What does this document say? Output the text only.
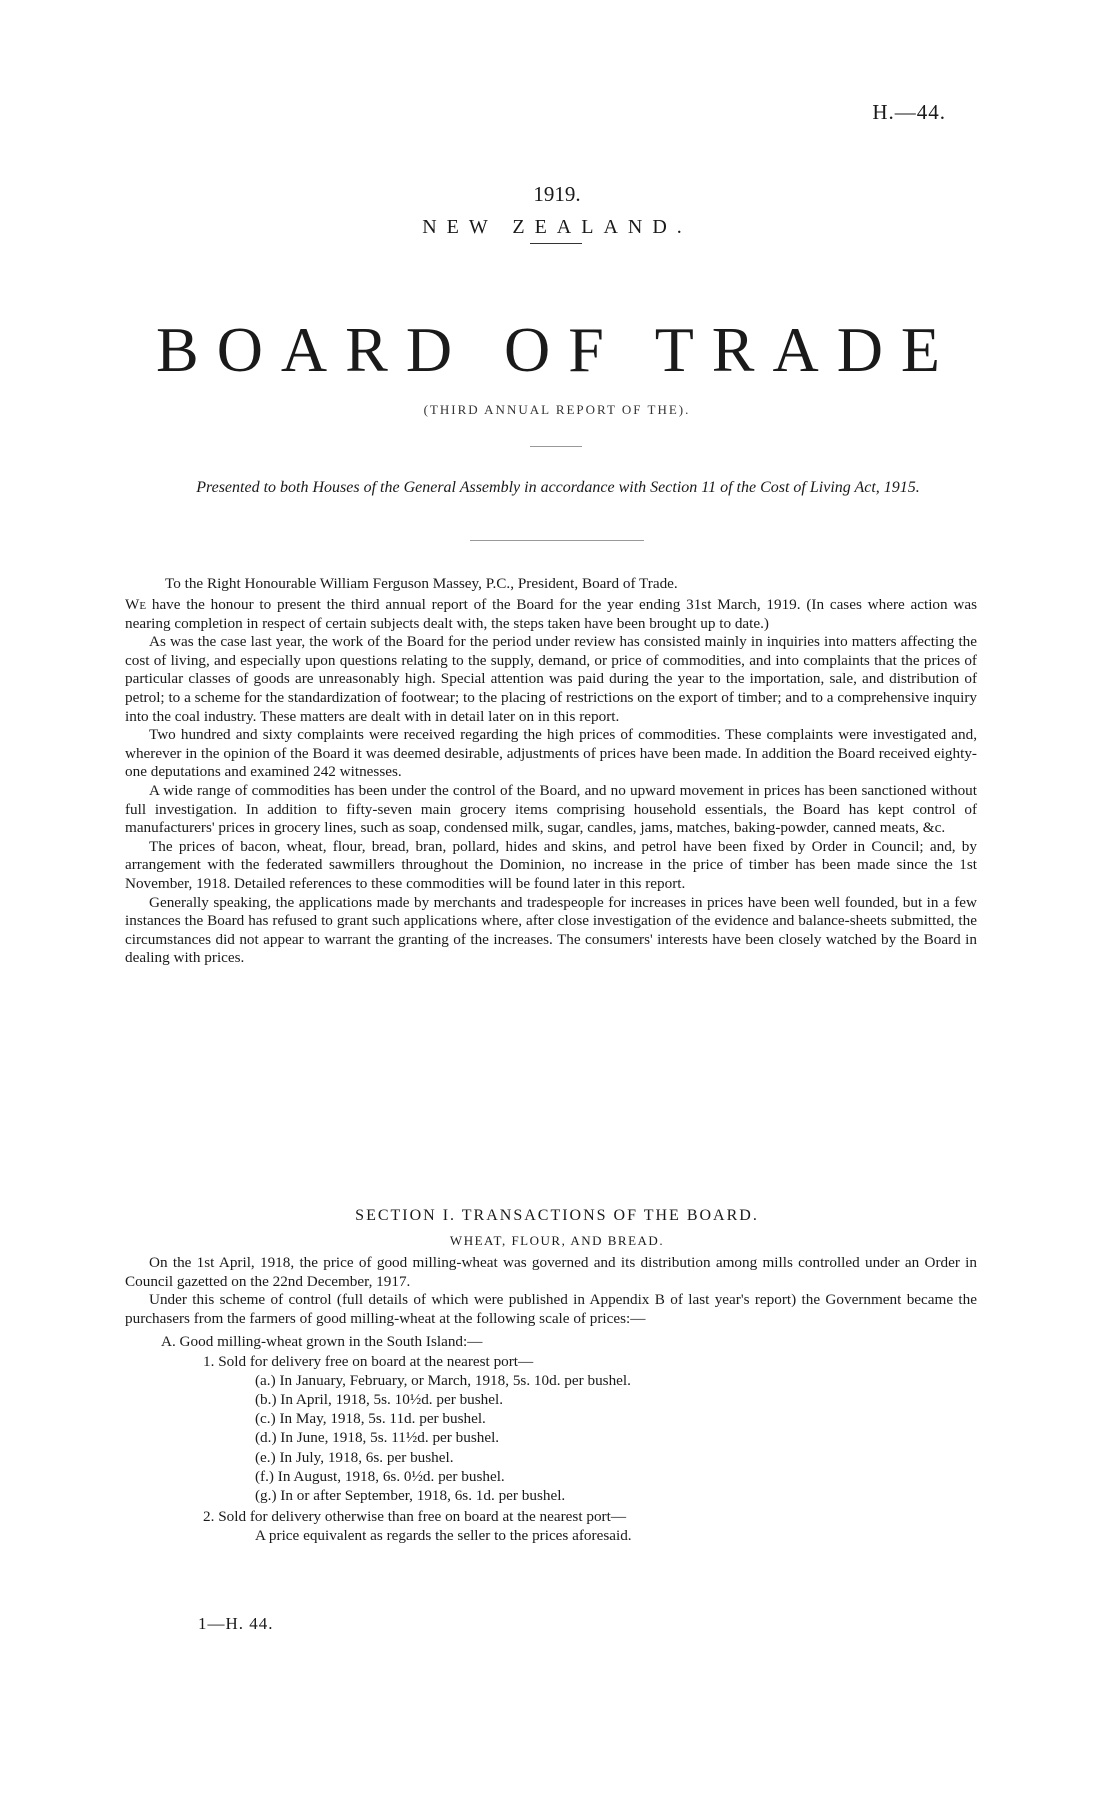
H.—44.
1919.
NEW ZEALAND.
BOARD OF TRADE
(THIRD ANNUAL REPORT OF THE).
Presented to both Houses of the General Assembly in accordance with Section 11 of the Cost of Living Act, 1915.

To the Right Honourable William Ferguson Massey, P.C., President, Board of Trade.

We have the honour to present the third annual report of the Board for the year ending 31st March, 1919. (In cases where action was nearing completion in respect of certain subjects dealt with, the steps taken have been brought up to date.)

As was the case last year, the work of the Board for the period under review has consisted mainly in inquiries into matters affecting the cost of living, and especially upon questions relating to the supply, demand, or price of commodities, and into complaints that the prices of particular classes of goods are unreasonably high. Special attention was paid during the year to the importation, sale, and distribution of petrol; to a scheme for the standardization of footwear; to the placing of restrictions on the export of timber; and to a comprehensive inquiry into the coal industry. These matters are dealt with in detail later on in this report.

Two hundred and sixty complaints were received regarding the high prices of commodities. These complaints were investigated and, wherever in the opinion of the Board it was deemed desirable, adjustments of prices have been made. In addition the Board received eighty-one deputations and examined 242 witnesses.

A wide range of commodities has been under the control of the Board, and no upward movement in prices has been sanctioned without full investigation. In addition to fifty-seven main grocery items comprising household essentials, the Board has kept control of manufacturers' prices in grocery lines, such as soap, condensed milk, sugar, candles, jams, matches, baking-powder, canned meats, &c.

The prices of bacon, wheat, flour, bread, bran, pollard, hides and skins, and petrol have been fixed by Order in Council; and, by arrangement with the federated sawmillers throughout the Dominion, no increase in the price of timber has been made since the 1st November, 1918. Detailed references to these commodities will be found later in this report.

Generally speaking, the applications made by merchants and tradespeople for increases in prices have been well founded, but in a few instances the Board has refused to grant such applications where, after close investigation of the evidence and balance-sheets submitted, the circumstances did not appear to warrant the granting of the increases. The consumers' interests have been closely watched by the Board in dealing with prices.

SECTION I. TRANSACTIONS OF THE BOARD.
WHEAT, FLOUR, AND BREAD.

On the 1st April, 1918, the price of good milling-wheat was governed and its distribution among mills controlled under an Order in Council gazetted on the 22nd December, 1917.

Under this scheme of control (full details of which were published in Appendix B of last year's report) the Government became the purchasers from the farmers of good milling-wheat at the following scale of prices:—

A. Good milling-wheat grown in the South Island:—
1. Sold for delivery free on board at the nearest port—
(a.) In January, February, or March, 1918, 5s. 10d. per bushel.
(b.) In April, 1918, 5s. 10½d. per bushel.
(c.) In May, 1918, 5s. 11d. per bushel.
(d.) In June, 1918, 5s. 11½d. per bushel.
(e.) In July, 1918, 6s. per bushel.
(f.) In August, 1918, 6s. 0½d. per bushel.
(g.) In or after September, 1918, 6s. 1d. per bushel.
2. Sold for delivery otherwise than free on board at the nearest port—
A price equivalent as regards the seller to the prices aforesaid.
1—H. 44.
